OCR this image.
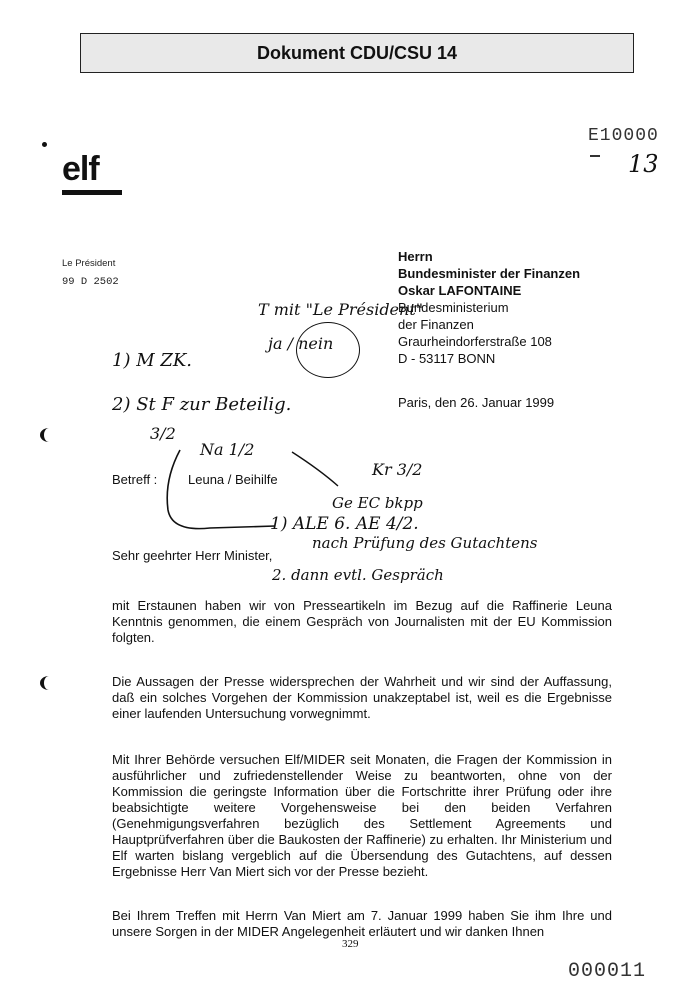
Dokument CDU/CSU 14
elf
E10000
13
Le Président
99 D 2502
Herrn
Bundesminister der Finanzen
Oskar LAFONTAINE
Bundesministerium
der Finanzen
Graurheindorferstraße 108
D - 53117 BONN
Paris, den 26. Januar 1999
T mit "Le Président"
ja / nein
1) M ZK.
2) St F zur Beteilig.
3/2
Na 1/2
Kr 3/2
Ge EC bkpp
1) ALE 6. AE 4/2.
nach Prüfung des Gutachtens
2. dann evtl. Gespräch
Betreff : Leuna / Beihilfe
Sehr geehrter Herr Minister,
mit Erstaunen haben wir von Presseartikeln im Bezug auf die Raffinerie Leuna Kenntnis genommen, die einem Gespräch von Journalisten mit der EU Kommission folgten.
Die Aussagen der Presse widersprechen der Wahrheit und wir sind der Auffassung, daß ein solches Vorgehen der Kommission unakzeptabel ist, weil es die Ergebnisse einer laufenden Untersuchung vorwegnimmt.
Mit Ihrer Behörde versuchen Elf/MIDER seit Monaten, die Fragen der Kommission in ausführlicher und zufriedenstellender Weise zu beantworten, ohne von der Kommission die geringste Information über die Fortschritte ihrer Prüfung oder ihre beabsichtigte weitere Vorgehensweise bei den beiden Verfahren (Genehmigungsverfahren bezüglich des Settlement Agreements und Hauptprüfverfahren über die Baukosten der Raffinerie) zu erhalten. Ihr Ministerium und Elf warten bislang vergeblich auf die Übersendung des Gutachtens, auf dessen Ergebnisse Herr Van Miert sich vor der Presse bezieht.
Bei Ihrem Treffen mit Herrn Van Miert am 7. Januar 1999 haben Sie ihm Ihre und unsere Sorgen in der MIDER Angelegenheit erläutert und wir danken Ihnen
329
000011
